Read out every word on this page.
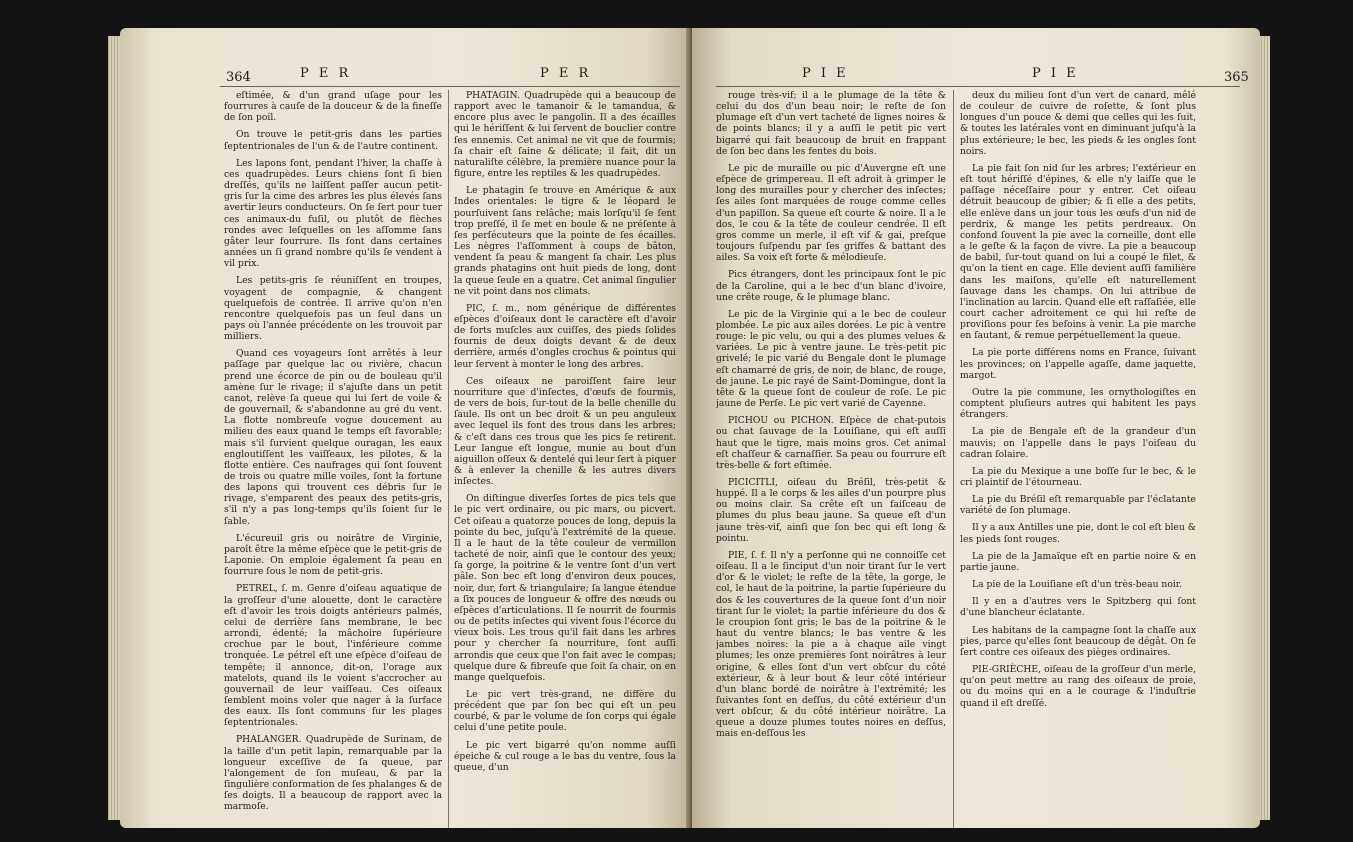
364	P E R	P E R

eſtimée, & d'un grand uſage pour les fourrures à cauſe de la douceur & de la fineſſe de ſon poil.

On trouve le petit-gris dans les parties ſeptentrionales de l'un & de l'autre continent.

Les lapons font, pendant l'hiver, la chaſſe à ces quadrupèdes. Leurs chiens ſont ſi bien dreſſés, qu'ils ne laiſſent paſſer aucun petit-gris ſur la cime des arbres les plus élevés ſans avertir leurs conducteurs. On ſe ſert pour tuer ces animaux-du fuſil, ou plutôt de flèches rondes avec leſquelles on les aſſomme ſans gâter leur fourrure. Ils font dans certaines années un ſi grand nombre qu'ils ſe vendent à vil prix.

Les petits-gris ſe réuniſſent en troupes, voyagent de compagnie, & changent quelquefois de contrée. Il arrive qu'on n'en rencontre quelquefois pas un ſeul dans un pays où l'année précédente on les trouvoit par milliers.

Quand ces voyageurs ſont arrêtés à leur paſſage par quelque lac ou rivière, chacun prend une écorce de pin ou de bouleau qu'il amène ſur le rivage; il s'ajuſte dans un petit canot, relève ſa queue qui lui ſert de voile & de gouvernail, & s'abandonne au gré du vent. La flotte nombreuſe vogue doucement au milieu des eaux quand le temps eſt favorable; mais s'il ſurvient quelque ouragan, les eaux engloutiſſent les vaiſſeaux, les pilotes, & la flotte entière. Ces naufrages qui ſont ſouvent de trois ou quatre mille voiles, ſont la fortune des lapons qui trouvent ces débris ſur le rivage, s'emparent des peaux des petits-gris, s'il n'y a pas long-temps qu'ils ſoient ſur le ſable.

L'écureuil gris ou noirâtre de Virginie, paroît être la même eſpèce que le petit-gris de Laponie. On emploie également ſa peau en fourrure ſous le nom de petit-gris.

PETREL, ſ. m. Genre d'oiſeau aquatique de la groſſeur d'une alouette, dont le caractère eſt d'avoir les trois doigts antérieurs palmés, celui de derrière ſans membrane, le bec arrondi, édenté; la mâchoire ſupérieure crochue par le bout, l'inférieure comme tronquée. Le pétrel eſt une eſpèce d'oiſeau de tempête; il annonce, dit-on, l'orage aux matelots, quand ils le voient s'accrocher au gouvernail de leur vaiſſeau. Ces oiſeaux ſemblent moins voler que nager à la ſurface des eaux. Ils ſont communs ſur les plages ſeptentrionales.

PHALANGER. Quadrupède de Surinam, de la taille d'un petit lapin, remarquable par la longueur exceſſive de ſa queue, par l'alongement de ſon muſeau, & par la ſingulière conformation de ſes phalanges & de ſes doigts. Il a beaucoup de rapport avec la marmoſe.

PHATAGIN. Quadrupède qui a beaucoup de rapport avec le tamanoir & le tamandua, & encore plus avec le pangolin. Il a des écailles qui le hériſſent & lui ſervent de bouclier contre ſes ennemis. Cet animal ne vit que de fourmis; ſa chair eſt ſaine & délicate; il fait, dit un naturaliſte célèbre, la première nuance pour la figure, entre les reptiles & les quadrupèdes.

Le phatagin ſe trouve en Amérique & aux Indes orientales: le tigre & le léopard le pourſuivent ſans relâche; mais lorſqu'il ſe ſent trop preſſé, il ſe met en boule & ne préſente à ſes perſécuteurs que la pointe de ſes écailles. Les nègres l'aſſomment à coups de bâton, vendent ſa peau & mangent ſa chair. Les plus grands phatagins ont huit pieds de long, dont la queue ſeule en a quatre. Cet animal ſingulier ne vit point dans nos climats.

PIC, ſ. m., nom générique de différentes eſpèces d'oiſeaux dont le caractère eſt d'avoir de forts muſcles aux cuiſſes, des pieds ſolides fournis de deux doigts devant & de deux derrière, armés d'ongles crochus & pointus qui leur ſervent à monter le long des arbres.

Ces oiſeaux ne paroiſſent faire leur nourriture que d'inſectes, d'œufs de fourmis, de vers de bois, ſur-tout de la belle chenille du ſaule. Ils ont un bec droit & un peu anguleux avec lequel ils font des trous dans les arbres; & c'eſt dans ces trous que les pics ſe retirent. Leur langue eſt longue, munie au bout d'un aiguillon oſſeux & dentelé qui leur ſert à piquer & à enlever la chenille & les autres divers inſectes.

On diſtingue diverſes ſortes de pics tels que le pic vert ordinaire, ou pic mars, ou picvert. Cet oiſeau a quatorze pouces de long, depuis la pointe du bec, juſqu'à l'extrémité de la queue. Il a le haut de la tête couleur de vermillon tacheté de noir, ainſi que le contour des yeux; ſa gorge, la poitrine & le ventre ſont d'un vert pâle. Son bec eſt long d'environ deux pouces, noir, dur, fort & triangulaire; ſa langue étendue a ſix pouces de longueur & offre des nœuds ou eſpèces d'articulations. Il ſe nourrit de fourmis ou de petits inſectes qui vivent ſous l'écorce du vieux bois. Les trous qu'il fait dans les arbres pour y chercher ſa nourriture, ſont auſſi arrondis que ceux que l'on fait avec le compas; quelque dure & fibreuſe que ſoit ſa chair, on en mange quelquefois.

Le pic vert très-grand, ne diffère du précédent que par ſon bec qui eſt un peu courbé, & par le volume de ſon corps qui égale celui d'une petite poule.

Le pic vert bigarré qu'on nomme auſſi épeiche & cul rouge a le bas du ventre, ſous la queue, d'un

P I E	P I E	365

rouge très-vif; il a le plumage de la tête & celui du dos d'un beau noir; le reſte de ſon plumage eſt d'un vert tacheté de lignes noires & de points blancs; il y a auſſi le petit pic vert bigarré qui fait beaucoup de bruit en frappant de ſon bec dans les fentes du bois.

Le pic de muraille ou pic d'Auvergne eſt une eſpèce de grimpereau. Il eſt adroit à grimper le long des murailles pour y chercher des inſectes; ſes ailes ſont marquées de rouge comme celles d'un papillon. Sa queue eſt courte & noire. Il a le dos, le cou & la tête de couleur cendrée. Il eſt gros comme un merle, il eſt vif & gai, preſque toujours ſuſpendu par ſes griffes & battant des ailes. Sa voix eſt forte & mélodieuſe.

Pics étrangers, dont les principaux ſont le pic de la Caroline, qui a le bec d'un blanc d'ivoire, une crête rouge, & le plumage blanc.

Le pic de la Virginie qui a le bec de couleur plombée. Le pic aux ailes dorées. Le pic à ventre rouge: le pic velu, ou qui a des plumes velues & variées. Le pic à ventre jaune. Le très-petit pic grivelé; le pic varié du Bengale dont le plumage eſt chamarré de gris, de noir, de blanc, de rouge, de jaune. Le pic rayé de Saint-Domingue, dont la tête & la queue ſont de couleur de roſe. Le pic jaune de Perſe. Le pic vert varié de Cayenne.

PICHOU ou PICHON. Eſpèce de chat-putois ou chat ſauvage de la Louiſiane, qui eſt auſſi haut que le tigre, mais moins gros. Cet animal eſt chaſſeur & carnaſſier. Sa peau ou fourrure eſt très-belle & fort eſtimée.

PICICITLI, oiſeau du Bréſil, très-petit & huppé. Il a le corps & les ailes d'un pourpre plus ou moins clair. Sa crête eſt un faiſceau de plumes du plus beau jaune. Sa queue eſt d'un jaune très-vif, ainſi que ſon bec qui eſt long & pointu.

PIE, ſ. f. Il n'y a perſonne qui ne connoiſſe cet oiſeau. Il a le ſinciput d'un noir tirant ſur le vert d'or & le violet; le reſte de la tête, la gorge, le col, le haut de la poitrine, la partie ſupérieure du dos & les couvertures de la queue ſont d'un noir tirant ſur le violet; la partie inférieure du dos & le croupion ſont gris; le bas de la poitrine & le haut du ventre blancs; le bas ventre & les jambes noires: la pie a à chaque aile vingt plumes; les onze premières ſont noirâtres à leur origine, & elles ſont d'un vert obſcur du côté extérieur, & à leur bout & leur côté intérieur d'un blanc bordé de noirâtre à l'extrémité; les ſuivantes ſont en deſſus, du côté extérieur d'un vert obſcur, & du côté intérieur noirâtre. La queue a douze plumes toutes noires en deſſus, mais en-deſſous les

deux du milieu ſont d'un vert de canard, mêlé de couleur de cuivre de roſette, & ſont plus longues d'un pouce & demi que celles qui les ſuit, & toutes les latérales vont en diminuant juſqu'à la plus extérieure; le bec, les pieds & les ongles ſont noirs.

La pie fait ſon nid ſur les arbres; l'extérieur en eſt tout hériſſé d'épines, & elle n'y laiſſe que le paſſage néceſſaire pour y entrer. Cet oiſeau détruit beaucoup de gibier; & ſi elle a des petits, elle enlève dans un jour tous les œufs d'un nid de perdrix, & mange les petits perdreaux. On confond ſouvent la pie avec la corneille, dont elle a le geſte & la façon de vivre. La pie a beaucoup de babil, ſur-tout quand on lui a coupé le filet, & qu'on la tient en cage. Elle devient auſſi familière dans les maiſons, qu'elle eſt naturellement ſauvage dans les champs. On lui attribue de l'inclination au larcin. Quand elle eſt raſſaſiée, elle court cacher adroitement ce qui lui reſte de proviſions pour ſes beſoins à venir. La pie marche en ſautant, & remue perpétuellement la queue.

La pie porte différens noms en France, ſuivant les provinces; on l'appelle agaſſe, dame jaquette, margot.

Outre la pie commune, les ornythologiſtes en comptent pluſieurs autres qui habitent les pays étrangers.

La pie de Bengale eſt de la grandeur d'un mauvis; on l'appelle dans le pays l'oiſeau du cadran ſolaire.

La pie du Mexique a une boſſe ſur le bec, & le cri plaintif de l'étourneau.

La pie du Bréſil eſt remarquable par l'éclatante variété de ſon plumage.

Il y a aux Antilles une pie, dont le col eſt bleu & les pieds ſont rouges.

La pie de la Jamaïque eſt en partie noire & en partie jaune.

La pie de la Louiſiane eſt d'un très-beau noir.

Il y en a d'autres vers le Spitzberg qui ſont d'une blancheur éclatante.

Les habitans de la campagne ſont la chaſſe aux pies, parce qu'elles ſont beaucoup de dégât. On ſe ſert contre ces oiſeaux des pièges ordinaires.

PIE-GRIÈCHE, oiſeau de la groſſeur d'un merle, qu'on peut mettre au rang des oiſeaux de proie, ou du moins qui en a le courage & l'induſtrie quand il eſt dreſſé.
